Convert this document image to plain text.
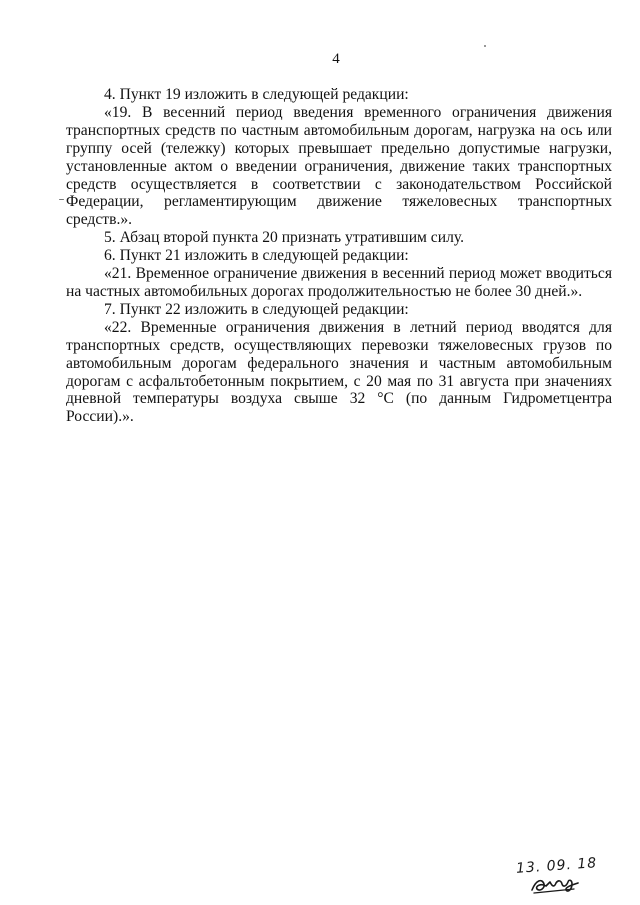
4

4. Пункт 19 изложить в следующей редакции:

«19. В весенний период введения временного ограничения движения транспортных средств по частным автомобильным дорогам, нагрузка на ось или группу осей (тележку) которых превышает предельно допустимые нагрузки, установленные актом о введении ограничения, движение таких транспортных средств осуществляется в соответствии с законодательством Российской Федерации, регламентирующим движение тяжеловесных транспортных средств.».

5. Абзац второй пункта 20 признать утратившим силу.

6. Пункт 21 изложить в следующей редакции:

«21. Временное ограничение движения в весенний период может вводиться на частных автомобильных дорогах продолжительностью не более 30 дней.».

7. Пункт 22 изложить в следующей редакции:

«22. Временные ограничения движения в летний период вводятся для транспортных средств, осуществляющих перевозки тяжеловесных грузов по автомобильным дорогам федерального значения и частным автомобильным дорогам с асфальтобетонным покрытием, с 20 мая по 31 августа при значениях дневной температуры воздуха свыше 32 °С (по данным Гидрометцентра России).».

13. 09. 18
